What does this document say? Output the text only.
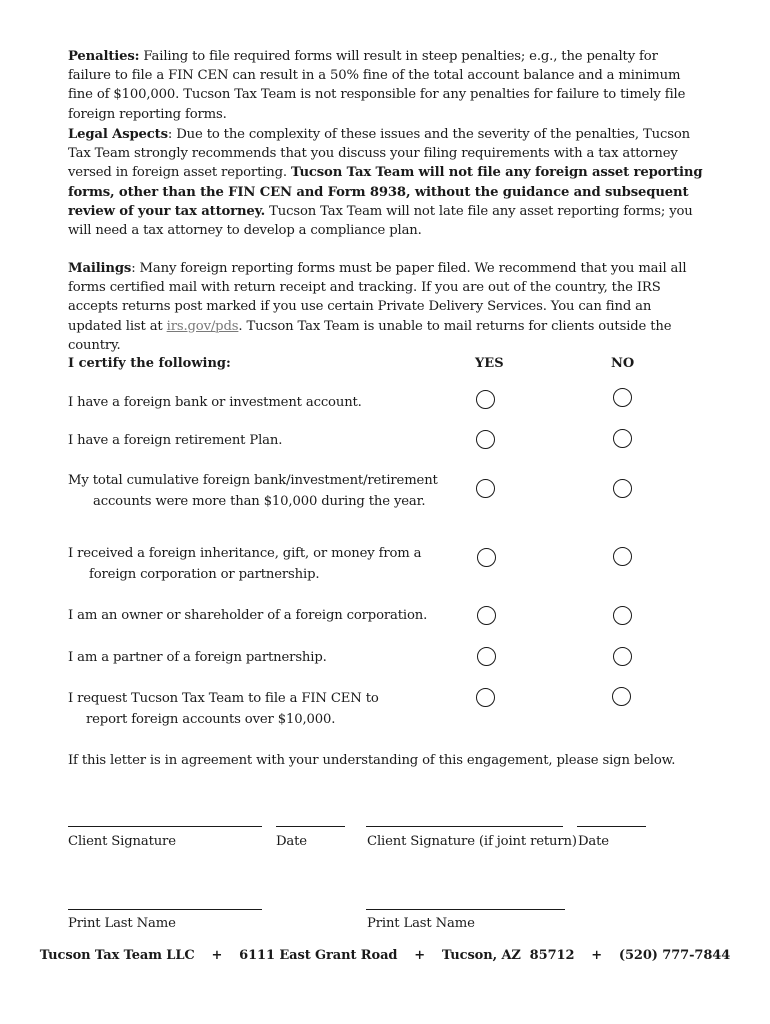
Penalties: Failing to file required forms will result in steep penalties; e.g., the penalty for failure to file a FIN CEN can result in a 50% fine of the total account balance and a minimum fine of $100,000. Tucson Tax Team is not responsible for any penalties for failure to timely file foreign reporting forms.
Legal Aspects: Due to the complexity of these issues and the severity of the penalties, Tucson Tax Team strongly recommends that you discuss your filing requirements with a tax attorney versed in foreign asset reporting. Tucson Tax Team will not file any foreign asset reporting forms, other than the FIN CEN and Form 8938, without the guidance and subsequent review of your tax attorney. Tucson Tax Team will not late file any asset reporting forms; you will need a tax attorney to develop a compliance plan.
Mailings: Many foreign reporting forms must be paper filed. We recommend that you mail all forms certified mail with return receipt and tracking. If you are out of the country, the IRS accepts returns post marked if you use certain Private Delivery Services. You can find an updated list at irs.gov/pds. Tucson Tax Team is unable to mail returns for clients outside the country.
I certify the following:	YES	NO
I have a foreign bank or investment account.
I have a foreign retirement Plan.
My total cumulative foreign bank/investment/retirement
accounts were more than $10,000 during the year.
I received a foreign inheritance, gift, or money from a
foreign corporation or partnership.
I am an owner or shareholder of a foreign corporation.
I am a partner of a foreign partnership.
I request Tucson Tax Team to file a FIN CEN to
report foreign accounts over $10,000.
If this letter is in agreement with your understanding of this engagement, please sign below.
Client Signature	Date	Client Signature (if joint return) Date
Print Last Name	Print Last Name
Tucson Tax Team LLC + 6111 East Grant Road + Tucson, AZ  85712 + (520) 777-7844
